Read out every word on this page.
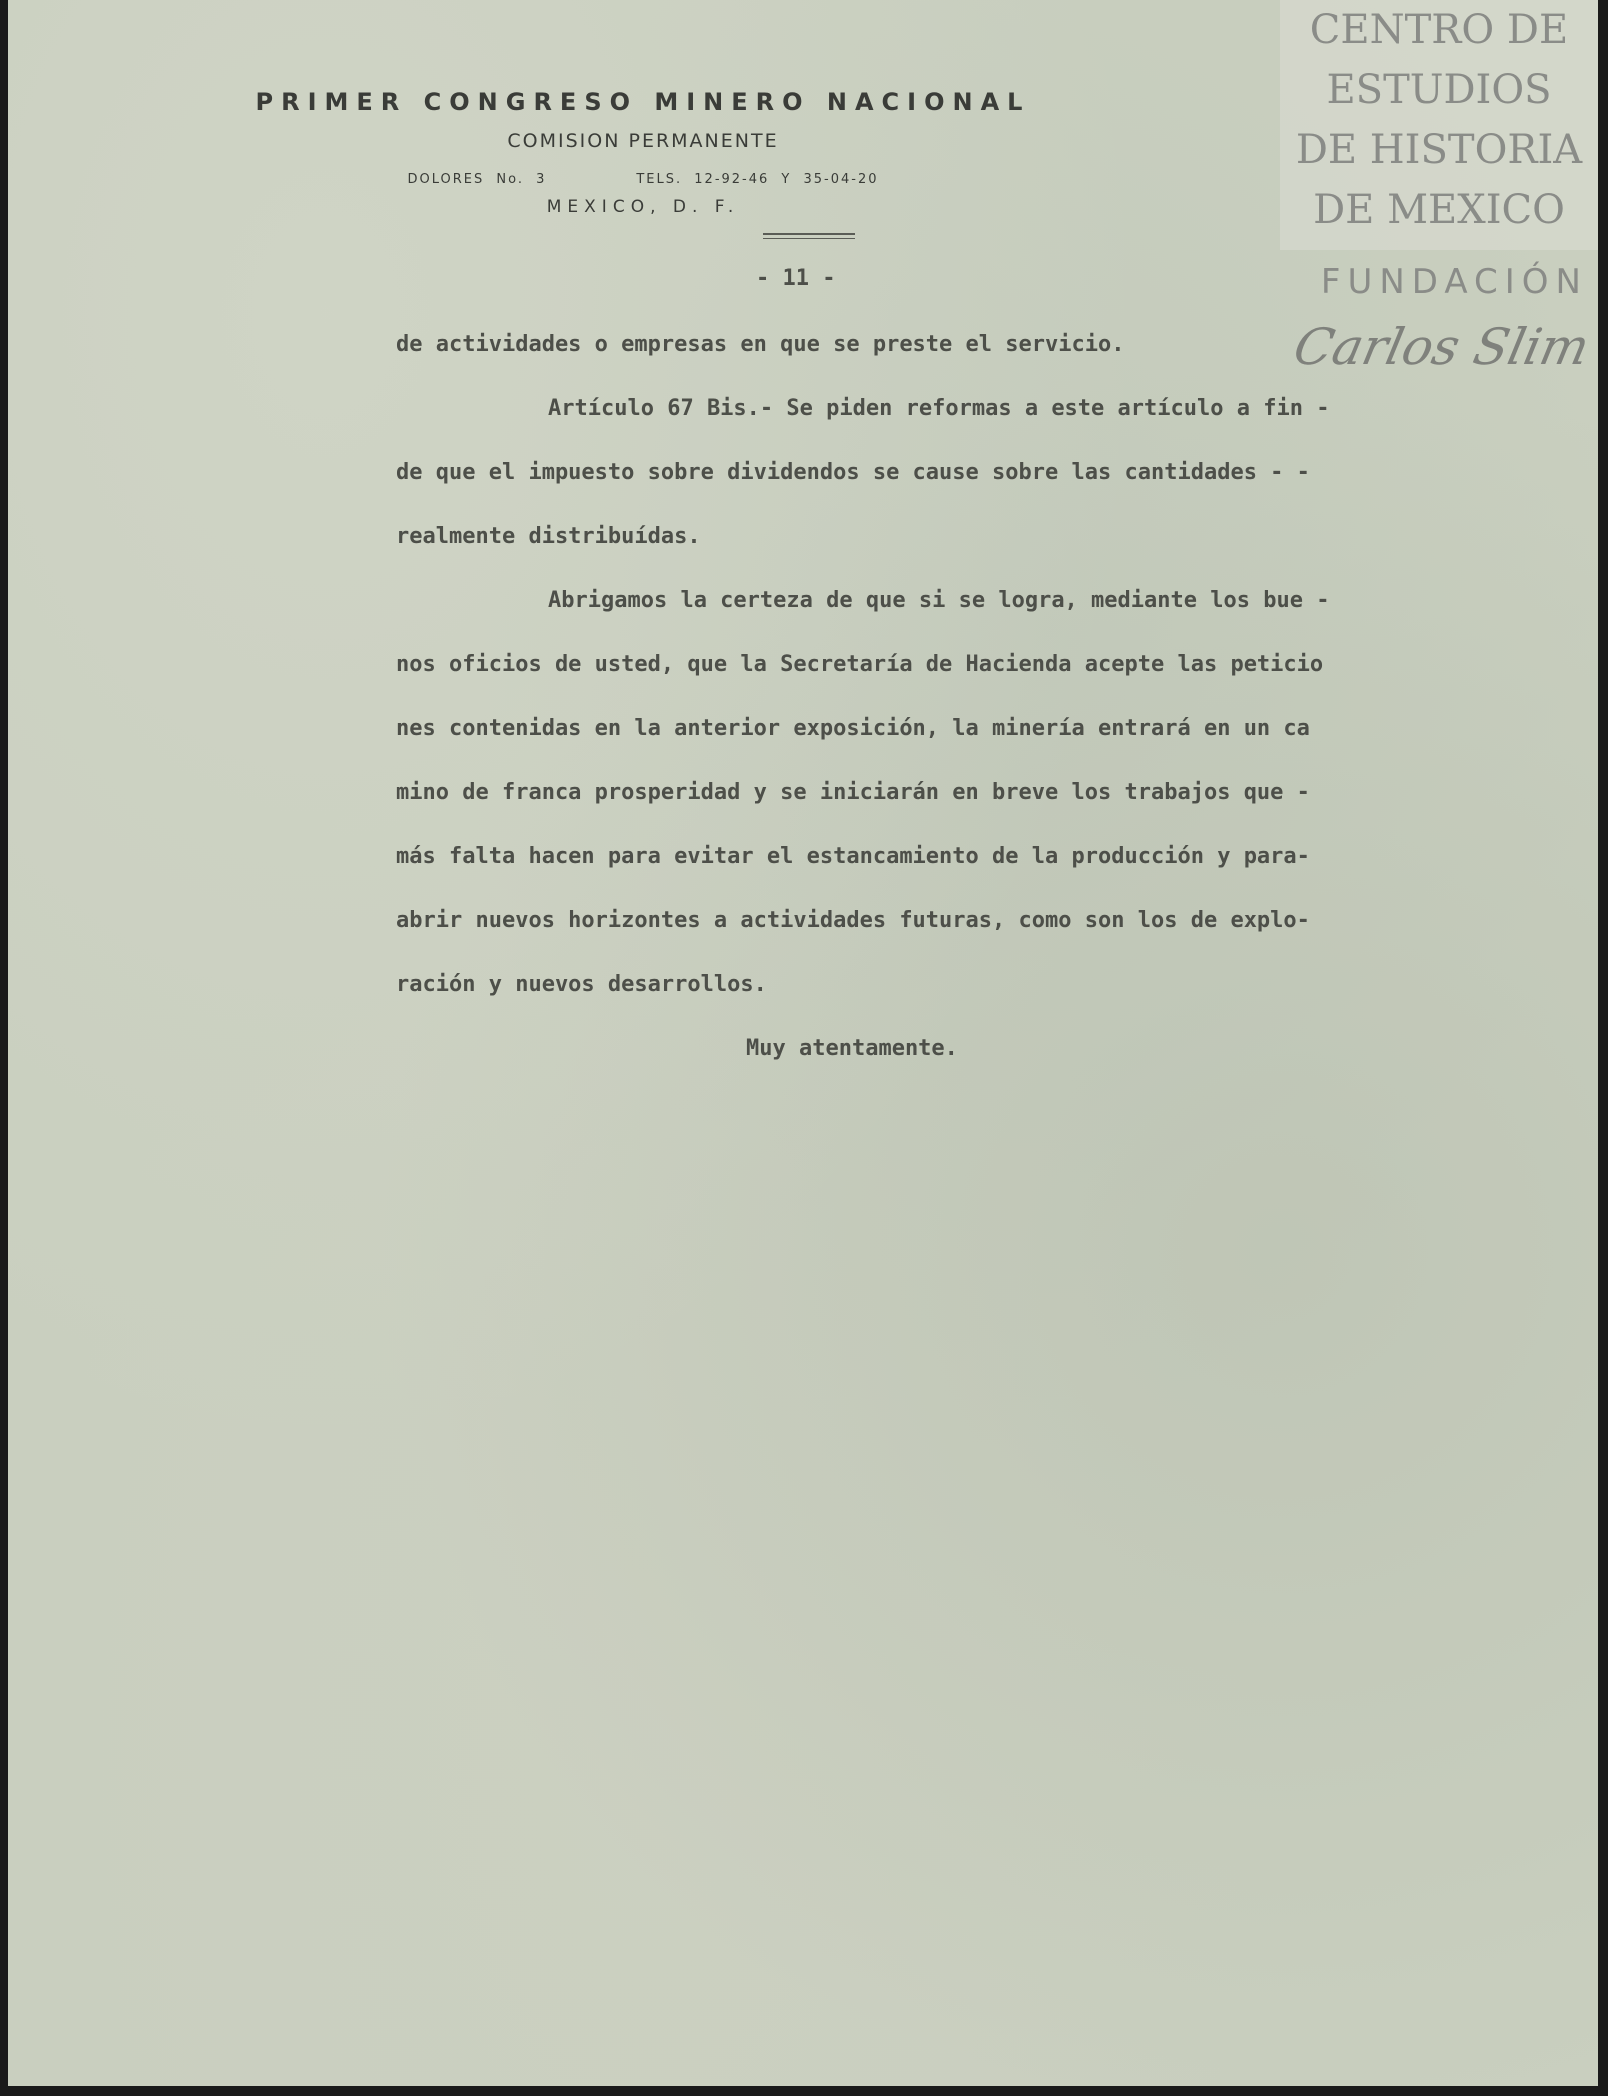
PRIMER CONGRESO MINERO NACIONAL
COMISION PERMANENTE
DOLORES No. 3	TELS. 12-92-46 Y 35-04-20
MEXICO, D. F.
CENTRO DE
ESTUDIOS
DE HISTORIA
DE MEXICO
FUNDACIÓN
Carlos Slim
- 11 -
de actividades o empresas en que se preste el servicio.
Artículo 67 Bis.- Se piden reformas a este artículo a fin -
de que el impuesto sobre dividendos se cause sobre las cantidades - -
realmente distribuídas.
Abrigamos la certeza de que si se logra, mediante los bue -
nos oficios de usted, que la Secretaría de Hacienda acepte las peticio
nes contenidas en la anterior exposición, la minería entrará en un ca
mino de franca prosperidad y se iniciarán en breve los trabajos que -
más falta hacen para evitar el estancamiento de la producción y para-
abrir nuevos horizontes a actividades futuras, como son los de explo-
ración y nuevos desarrollos.
Muy atentamente.
